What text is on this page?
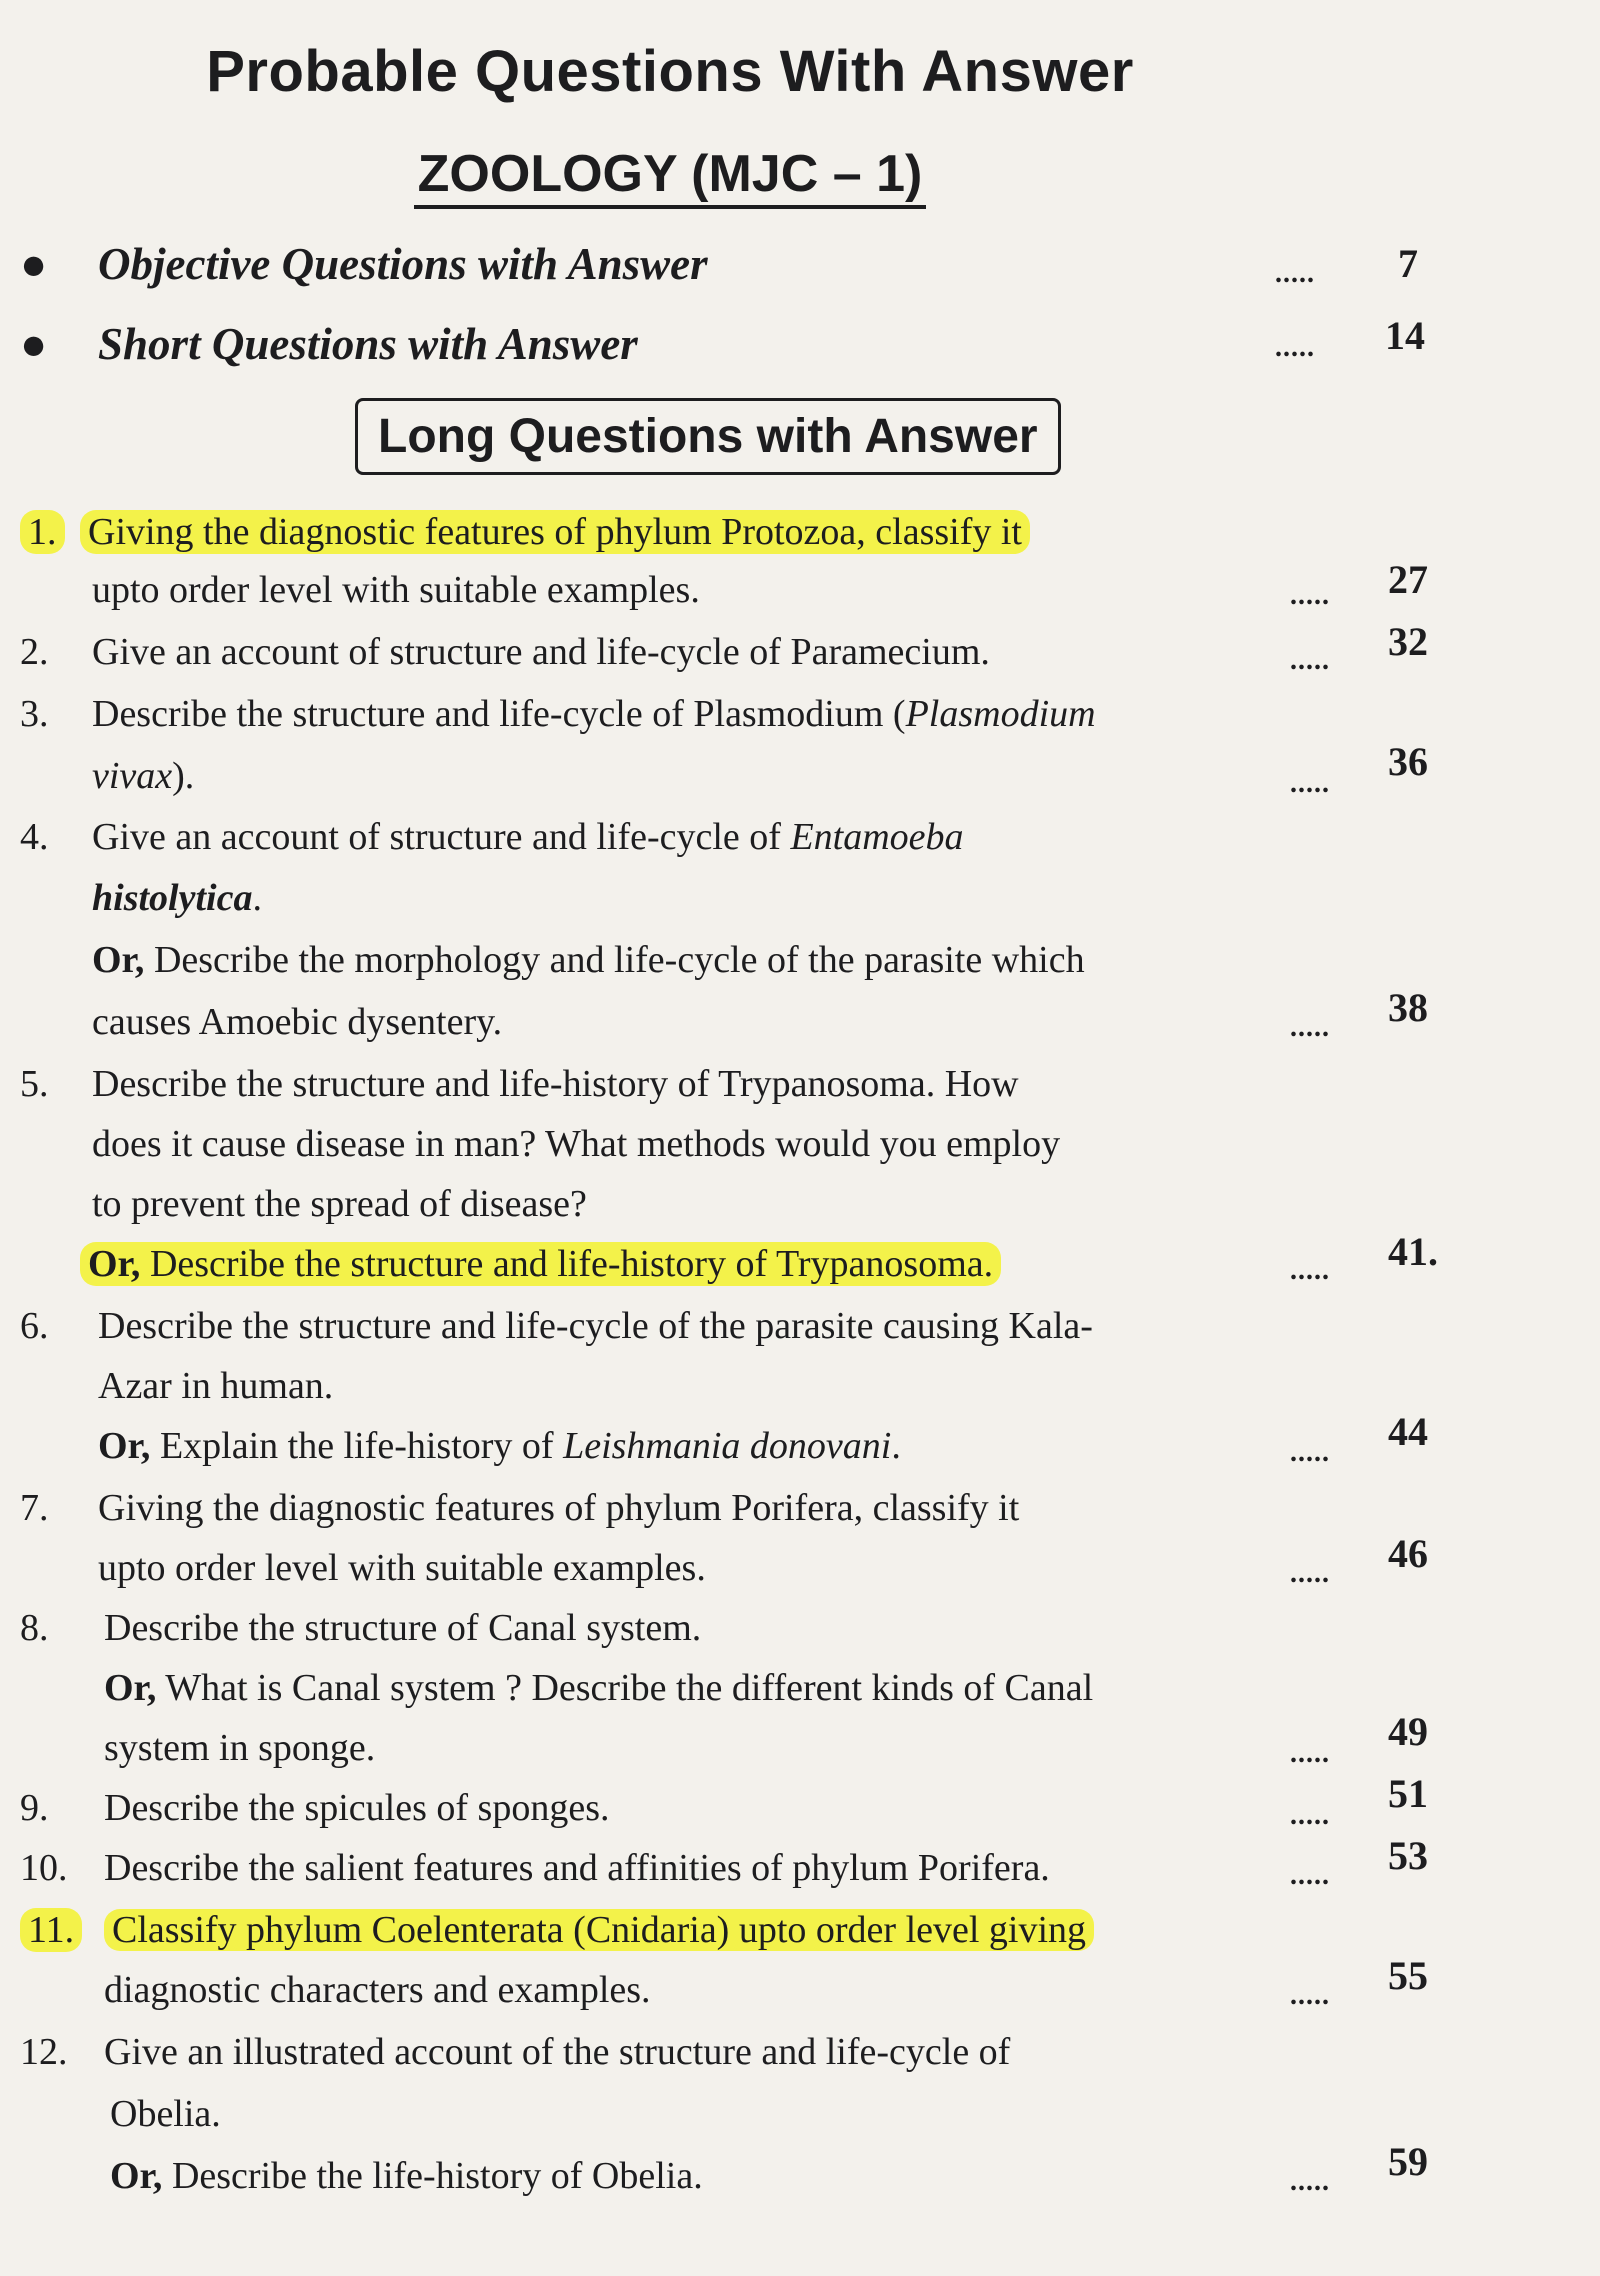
Probable Questions With Answer
ZOOLOGY (MJC – 1)
● Objective Questions with Answer	..... 7
● Short Questions with Answer	..... 14
Long Questions with Answer
1. Giving the diagnostic features of phylum Protozoa, classify it
upto order level with suitable examples.	..... 27
2. Give an account of structure and life-cycle of Paramecium.	..... 32
3. Describe the structure and life-cycle of Plasmodium (Plasmodium
vivax).	..... 36
4. Give an account of structure and life-cycle of Entamoeba
histolytica.
Or, Describe the morphology and life-cycle of the parasite which
causes Amoebic dysentery.	..... 38
5. Describe the structure and life-history of Trypanosoma. How
does it cause disease in man? What methods would you employ
to prevent the spread of disease?
Or, Describe the structure and life-history of Trypanosoma.	..... 41.
6. Describe the structure and life-cycle of the parasite causing Kala-
Azar in human.
Or, Explain the life-history of Leishmania donovani.	..... 44
7. Giving the diagnostic features of phylum Porifera, classify it
upto order level with suitable examples.	..... 46
8. Describe the structure of Canal system.
Or, What is Canal system ? Describe the different kinds of Canal
system in sponge.	..... 49
9. Describe the spicules of sponges.	..... 51
10. Describe the salient features and affinities of phylum Porifera.	..... 53
11. Classify phylum Coelenterata (Cnidaria) upto order level giving
diagnostic characters and examples.	..... 55
12. Give an illustrated account of the structure and life-cycle of
Obelia.
Or, Describe the life-history of Obelia.	..... 59
